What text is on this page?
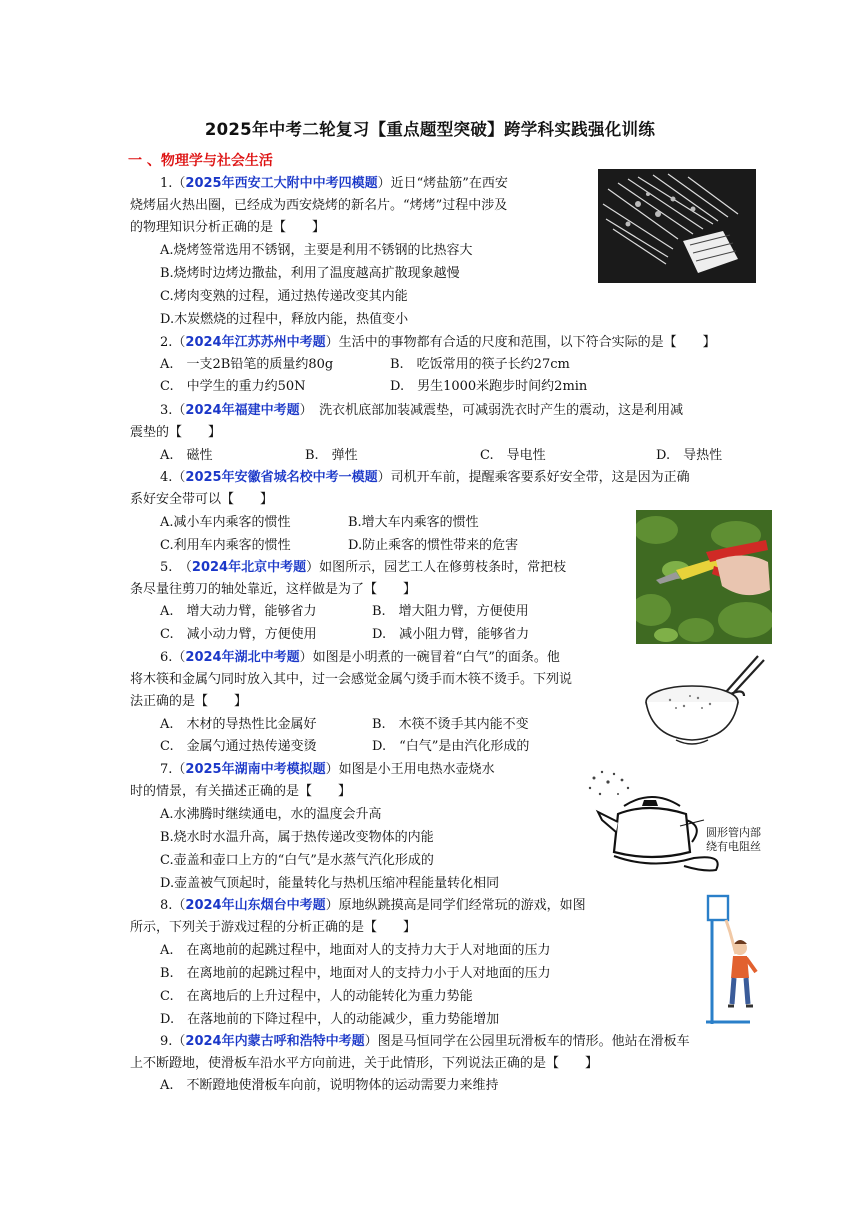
2025年中考二轮复习【重点题型突破】跨学科实践强化训练
一 、物理学与社会生活
1.（2025年西安工大附中中考四模题）近日“烤盐筋”在西安
烧烤届火热出圈，已经成为西安烧烤的新名片。“烤烤”过程中涉及
的物理知识分析正确的是【　　】
A.烧烤签常选用不锈钢，主要是利用不锈钢的比热容大
B.烧烤时边烤边撒盐，利用了温度越高扩散现象越慢
C.烤肉变熟的过程，通过热传递改变其内能
D.木炭燃烧的过程中，释放内能，热值变小
2.（2024年江苏苏州中考题）生活中的事物都有合适的尺度和范围，以下符合实际的是【　　】
A.　一支2B铅笔的质量约80g	B.　吃饭常用的筷子长约27cm
C.　中学生的重力约50N	D.　男生1000米跑步时间约2min
3.（2024年福建中考题）　洗衣机底部加装减震垫，可减弱洗衣时产生的震动，这是利用减
震垫的【　　】
A.　磁性	B.　弹性	C.　导电性	D.　导热性
4.（2025年安徽省城名校中考一模题）司机开车前，提醒乘客要系好安全带，这是因为正确
系好安全带可以【　　】
A.减小车内乘客的惯性	B.增大车内乘客的惯性
C.利用车内乘客的惯性	D.防止乘客的惯性带来的危害
5.　（2024年北京中考题）如图所示，园艺工人在修剪枝条时，常把枝
条尽量往剪刀的轴处靠近，这样做是为了【　　】
A.　增大动力臂，能够省力	B.　增大阻力臂，方便使用
C.　减小动力臂，方便使用	D.　减小阻力臂，能够省力
6.（2024年湖北中考题）如图是小明煮的一碗冒着“白气”的面条。他
将木筷和金属勺同时放入其中，过一会感觉金属勺烫手而木筷不烫手。下列说
法正确的是【　　】
A.　木材的导热性比金属好	B.　木筷不烫手其内能不变
C.　金属勺通过热传递变烫	D.　“白气”是由汽化形成的
7.（2025年湖南中考模拟题）如图是小王用电热水壶烧水
时的情景，有关描述正确的是【　　】
A.水沸腾时继续通电，水的温度会升高
B.烧水时水温升高，属于热传递改变物体的内能
C.壶盖和壶口上方的“白气”是水蒸气汽化形成的
D.壶盖被气顶起时，能量转化与热机压缩冲程能量转化相同
圆形管内部
绕有电阻丝
8.（2024年山东烟台中考题）原地纵跳摸高是同学们经常玩的游戏，如图
所示，下列关于游戏过程的分析正确的是【　　】
A.　在离地前的起跳过程中，地面对人的支持力大于人对地面的压力
B.　在离地前的起跳过程中，地面对人的支持力小于人对地面的压力
C.　在离地后的上升过程中，人的动能转化为重力势能
D.　在落地前的下降过程中，人的动能减少，重力势能增加
9.（2024年内蒙古呼和浩特中考题）图是马恒同学在公园里玩滑板车的情形。他站在滑板车
上不断蹬地，使滑板车沿水平方向前进，关于此情形，下列说法正确的是【　　】
A.　不断蹬地使滑板车向前，说明物体的运动需要力来维持
